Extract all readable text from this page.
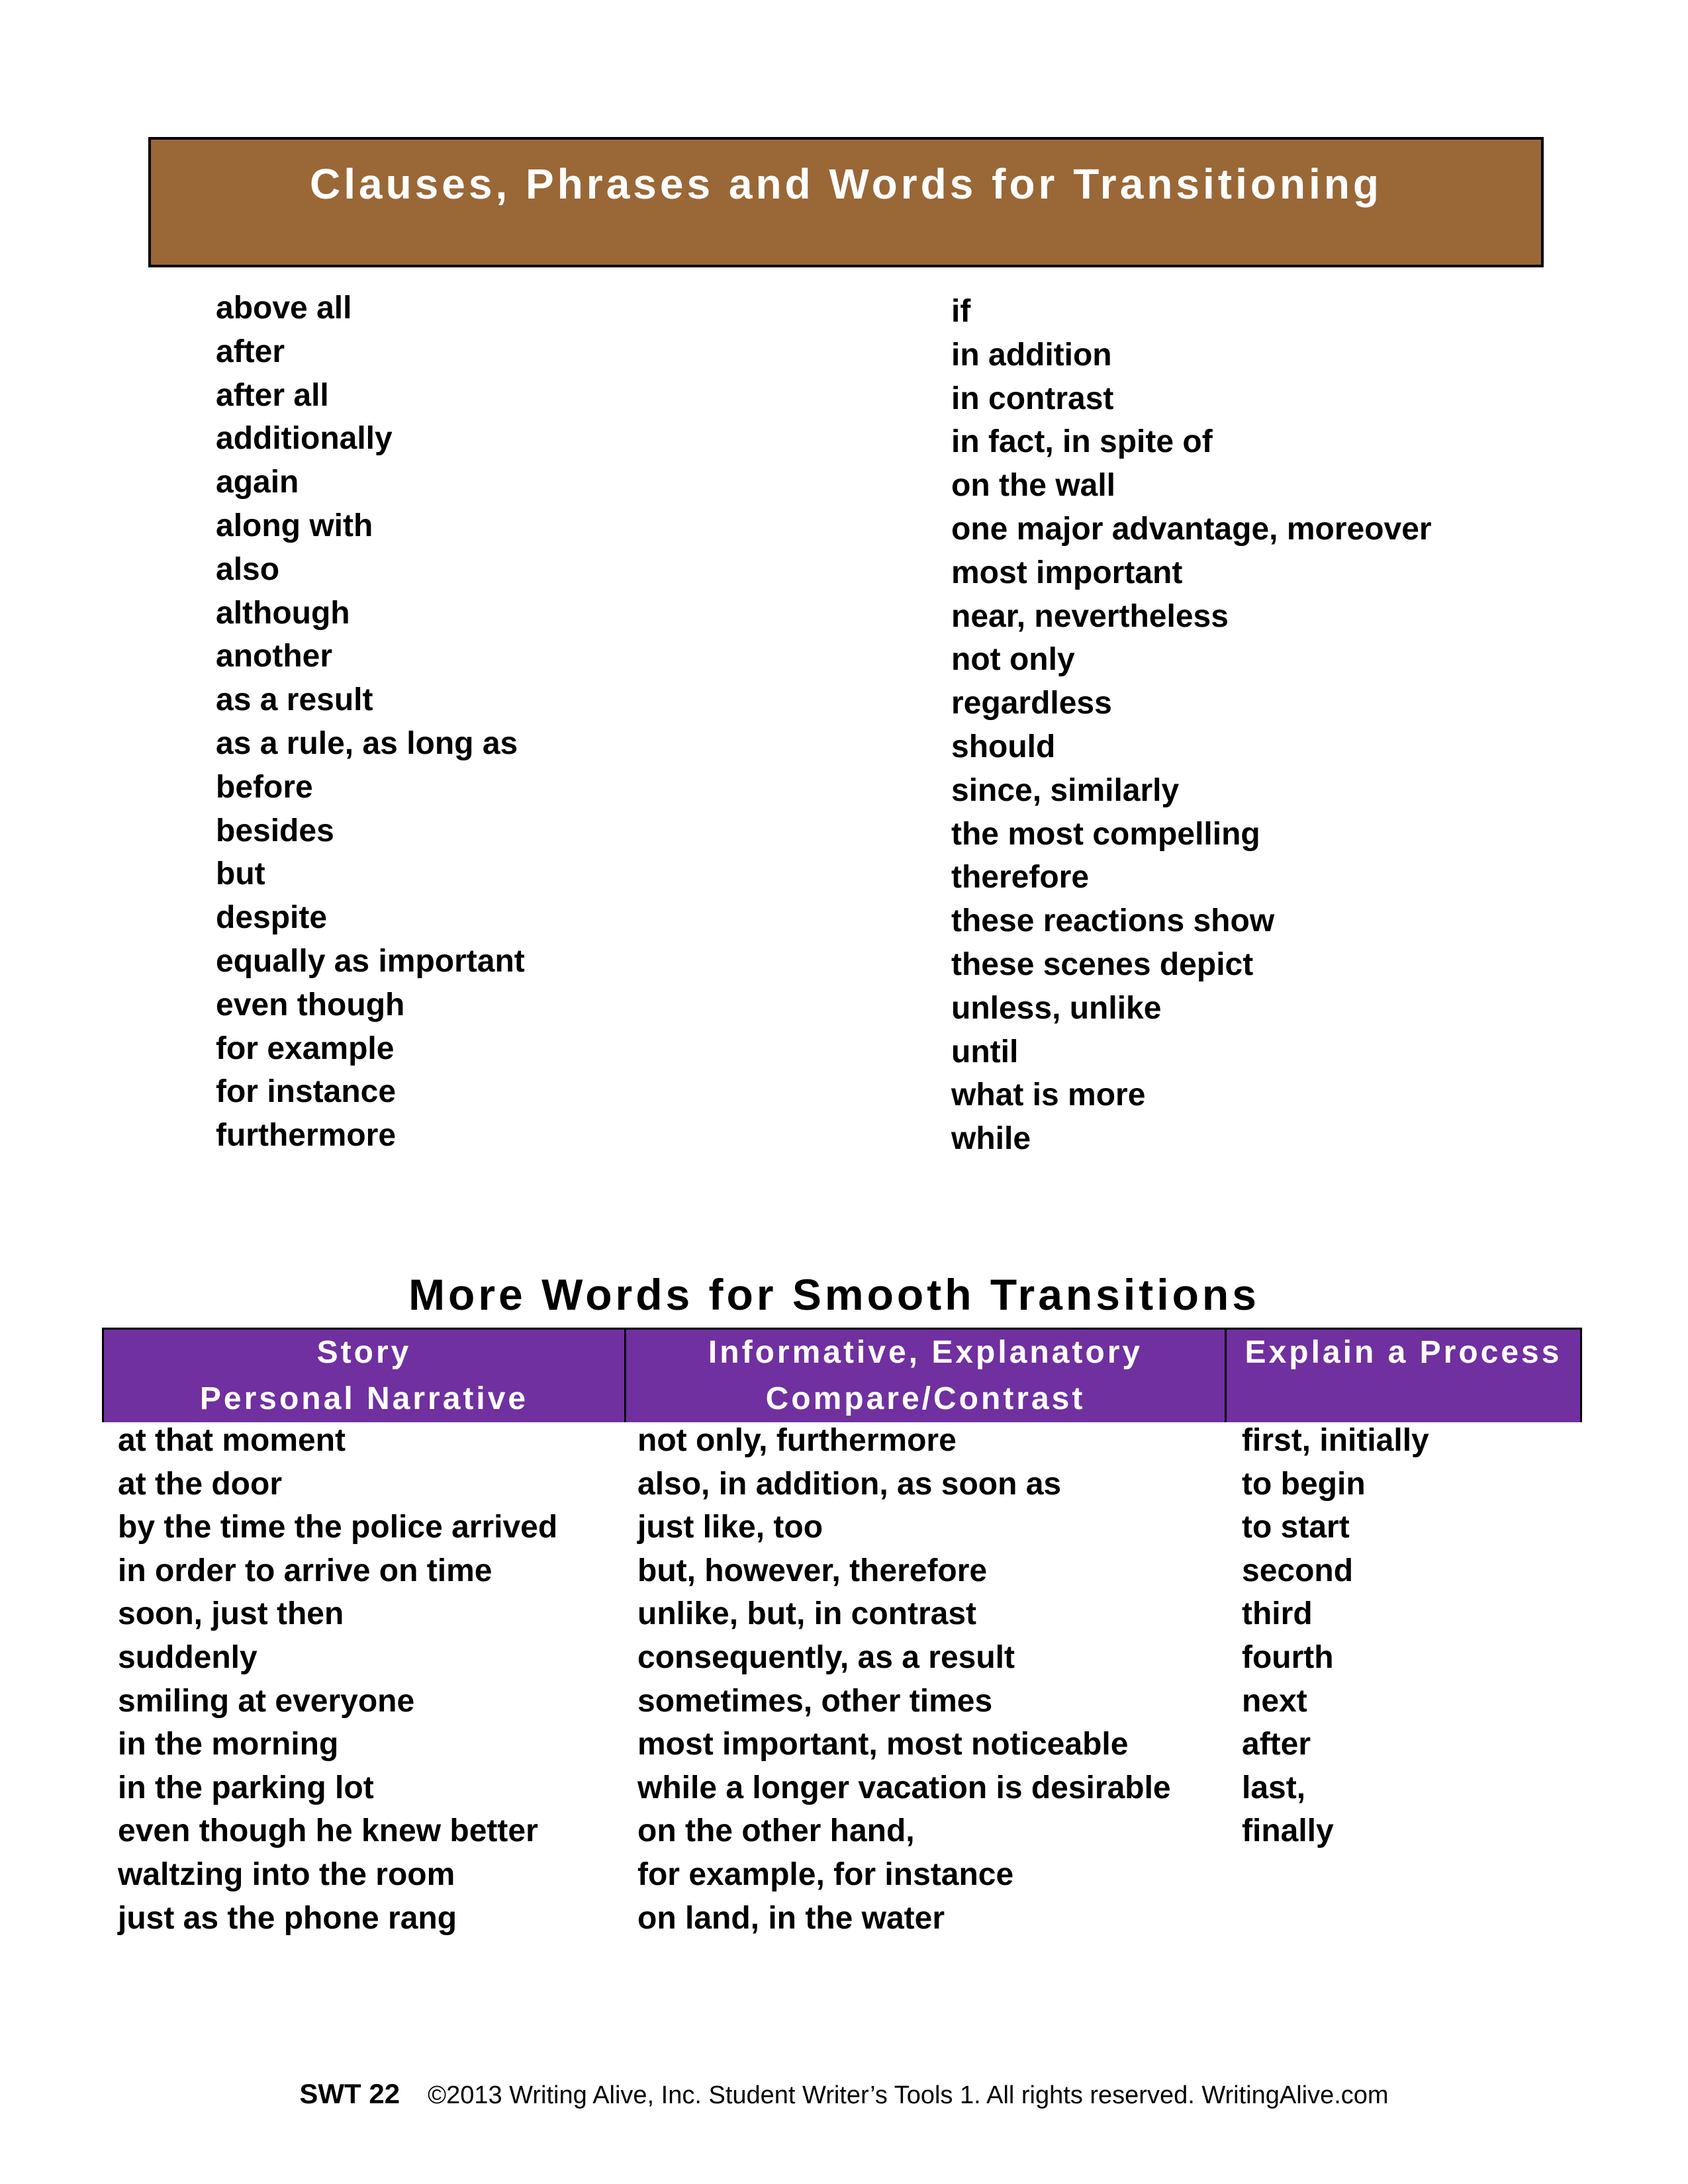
Clauses, Phrases and Words for Transitioning
above all
after
after all
additionally
again
along with
also
although
another
as a result
as a rule, as long as
before
besides
but
despite
equally as important
even though
for example
for instance
furthermore
if
in addition
in contrast
in fact, in spite of
on the wall
one major advantage, moreover
most important
near, nevertheless
not only
regardless
should
since, similarly
the most compelling
therefore
these reactions show
these scenes depict
unless, unlike
until
what is more
while
More Words for Smooth Transitions
Story
Personal Narrative
Informative, Explanatory
Compare/Contrast
Explain a Process
at that moment
at the door
by the time the police arrived
in order to arrive on time
soon, just then
suddenly
smiling at everyone
in the morning
in the parking lot
even though he knew better
waltzing into the room
just as the phone rang
not only, furthermore
also, in addition, as soon as
just like, too
but, however, therefore
unlike, but, in contrast
consequently, as a result
sometimes, other times
most important, most noticeable
while a longer vacation is desirable
on the other hand,
for example, for instance
on land, in the water
first, initially
to begin
to start
second
third
fourth
next
after
last,
finally
SWT 22 ©2013 Writing Alive, Inc. Student Writer’s Tools 1. All rights reserved. WritingAlive.com
